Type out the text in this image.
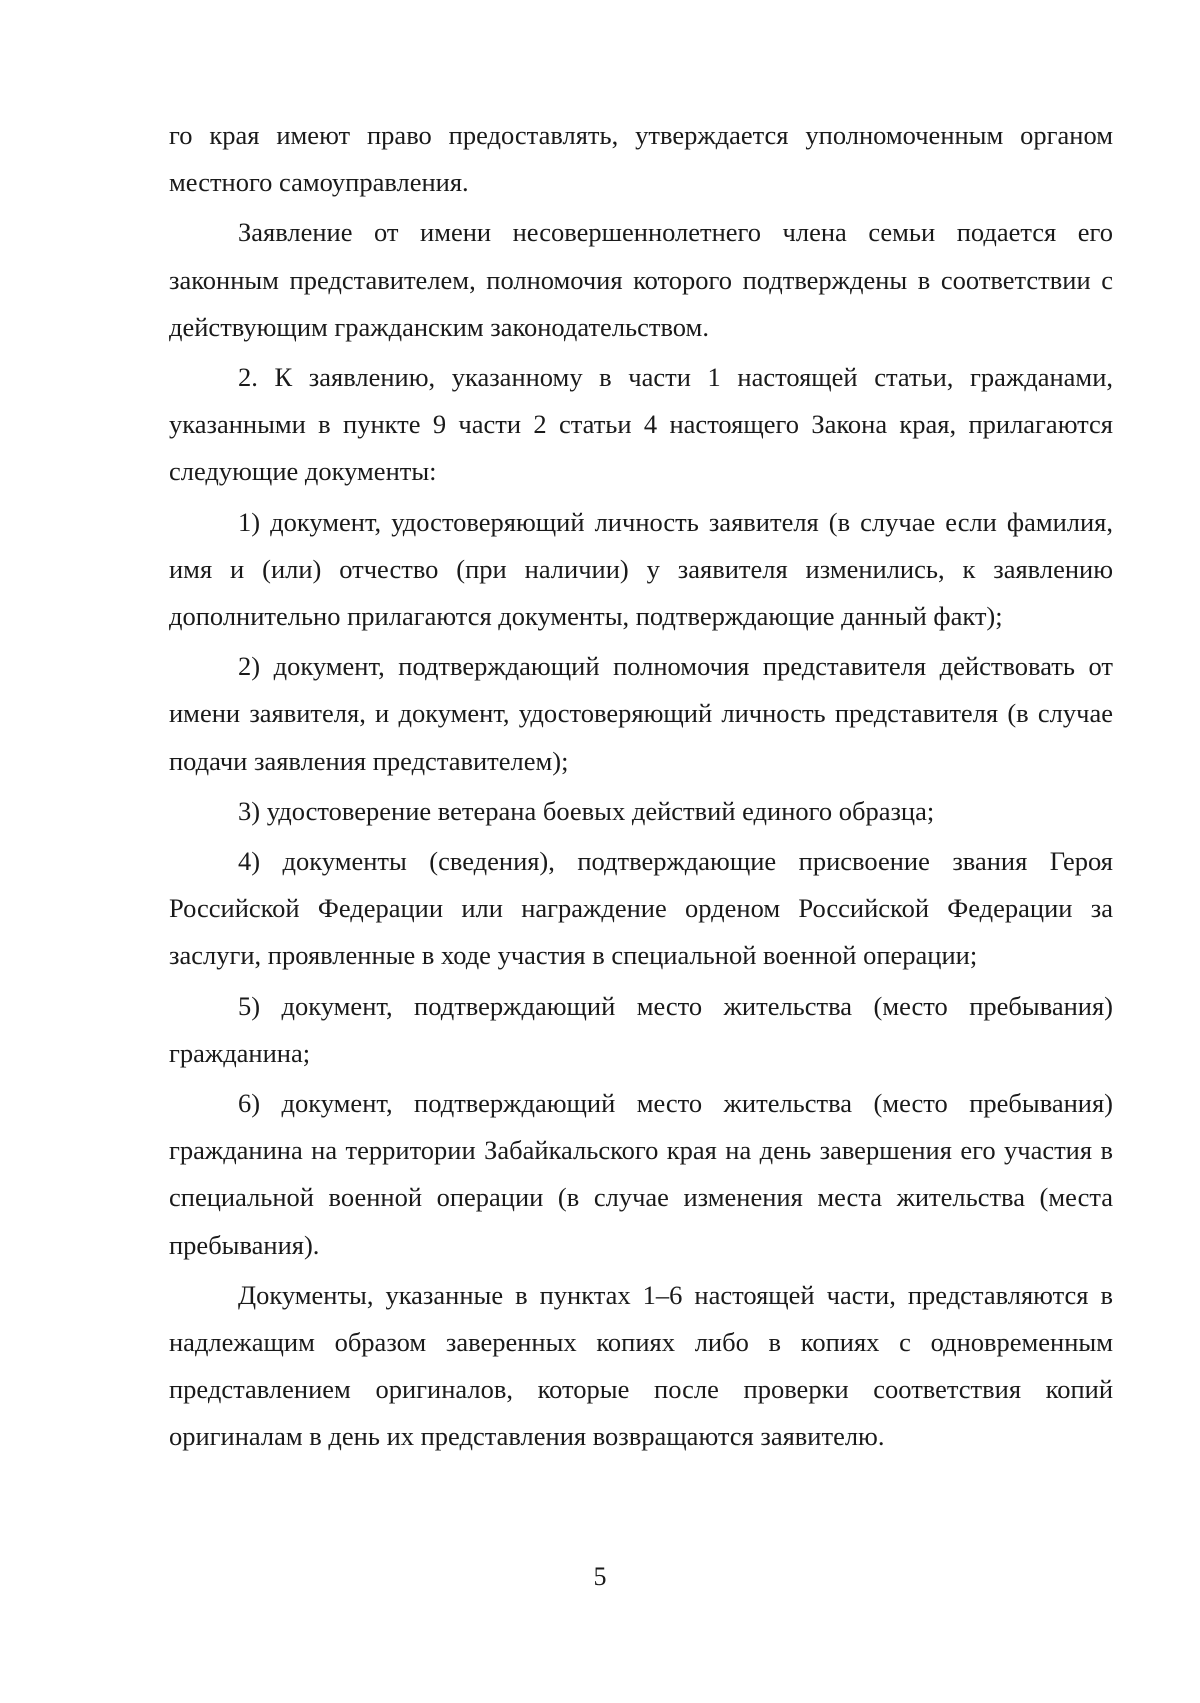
го края имеют право предоставлять, утверждается уполномоченным органом местного самоуправления.

Заявление от имени несовершеннолетнего члена семьи подается его законным представителем, полномочия которого подтверждены в соответствии с действующим гражданским законодательством.

2. К заявлению, указанному в части 1 настоящей статьи, гражданами, указанными в пункте 9 части 2 статьи 4 настоящего Закона края, прилагаются следующие документы:

1) документ, удостоверяющий личность заявителя (в случае если фамилия, имя и (или) отчество (при наличии) у заявителя изменились, к заявлению дополнительно прилагаются документы, подтверждающие данный факт);

2) документ, подтверждающий полномочия представителя действовать от имени заявителя, и документ, удостоверяющий личность представителя (в случае подачи заявления представителем);

3) удостоверение ветерана боевых действий единого образца;

4) документы (сведения), подтверждающие присвоение звания Героя Российской Федерации или награждение орденом Российской Федерации за заслуги, проявленные в ходе участия в специальной военной операции;

5) документ, подтверждающий место жительства (место пребывания) гражданина;

6) документ, подтверждающий место жительства (место пребывания) гражданина на территории Забайкальского края на день завершения его участия в специальной военной операции (в случае изменения места жительства (места пребывания).

Документы, указанные в пунктах 1–6 настоящей части, представляются в надлежащим образом заверенных копиях либо в копиях с одновременным представлением оригиналов, которые после проверки соответствия копий оригиналам в день их представления возвращаются заявителю.

5
